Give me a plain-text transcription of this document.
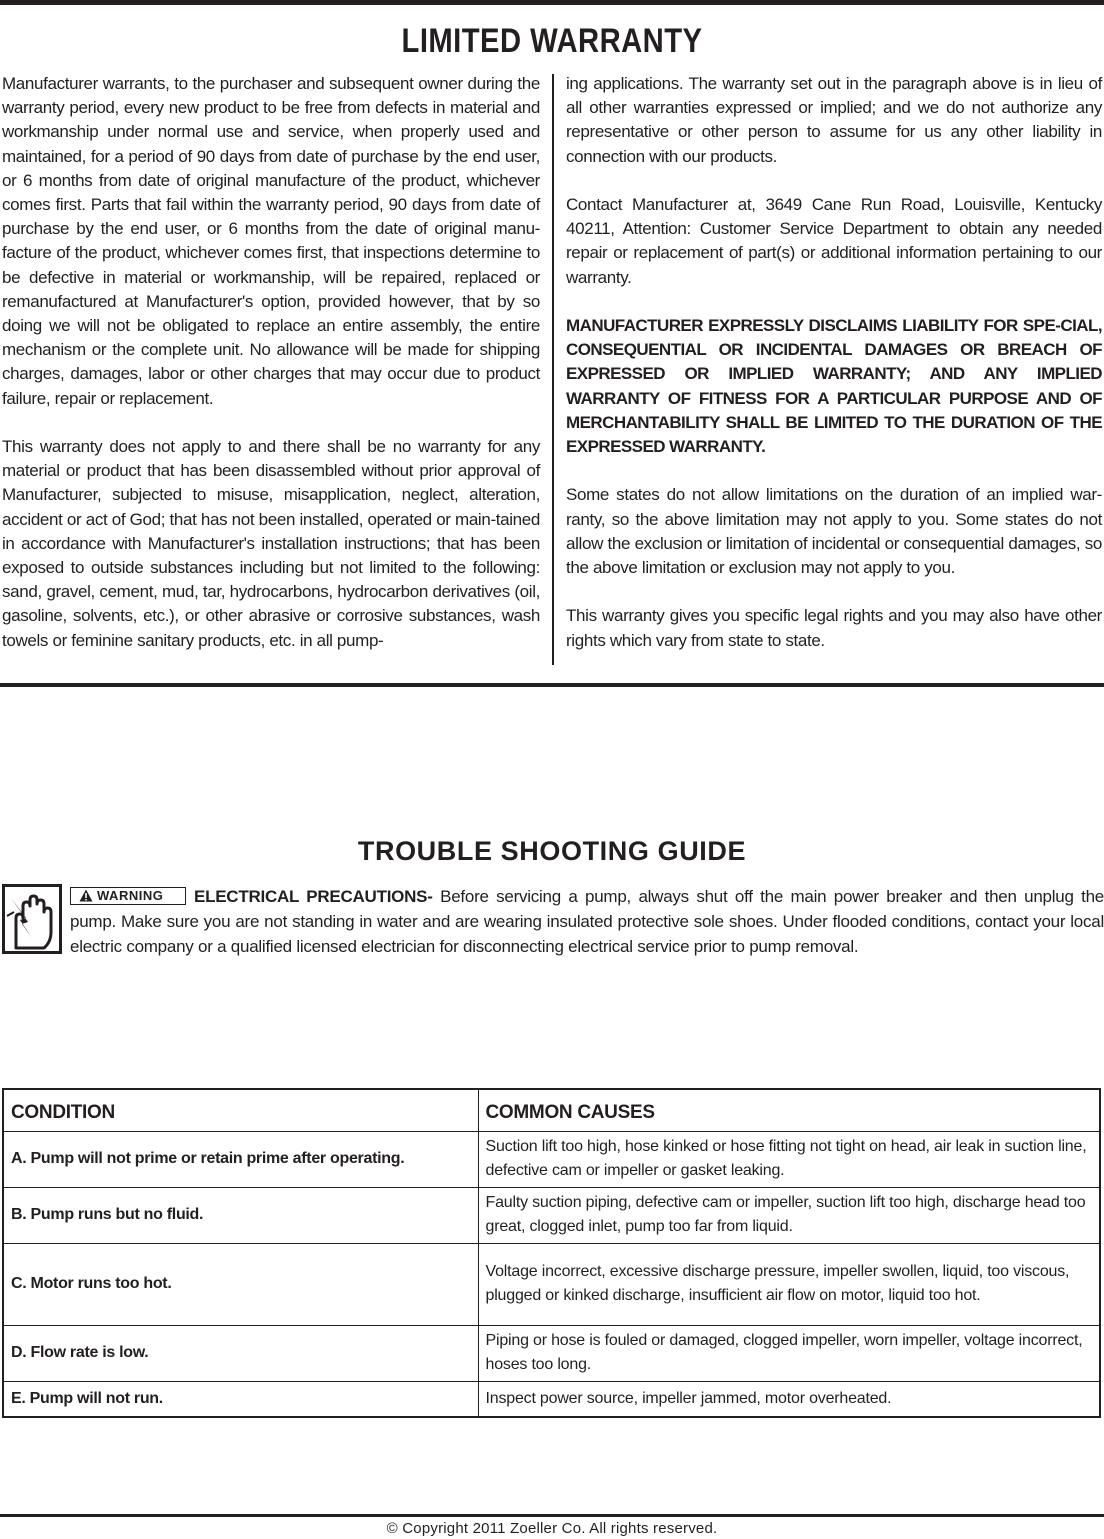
LIMITED WARRANTY

Manufacturer warrants, to the purchaser and subsequent owner during the warranty period, every new product to be free from defects in material and workmanship under normal use and service, when properly used and maintained, for a period of 90 days from date of purchase by the end user, or 6 months from date of original manufacture of the product, whichever comes first. Parts that fail within the warranty period, 90 days from date of purchase by the end user, or 6 months from the date of original manu-facture of the product, whichever comes first, that inspections determine to be defective in material or workmanship, will be repaired, replaced or remanufactured at Manufacturer's option, provided however, that by so doing we will not be obligated to replace an entire assembly, the entire mechanism or the complete unit. No allowance will be made for shipping charges, damages, labor or other charges that may occur due to product failure, repair or replacement.

This warranty does not apply to and there shall be no warranty for any material or product that has been disassembled without prior approval of Manufacturer, subjected to misuse, misapplication, neglect, alteration, accident or act of God; that has not been installed, operated or main-tained in accordance with Manufacturer's installation instructions; that has been exposed to outside substances including but not limited to the following: sand, gravel, cement, mud, tar, hydrocarbons, hydrocarbon derivatives (oil, gasoline, solvents, etc.), or other abrasive or corrosive substances, wash towels or feminine sanitary products, etc. in all pump-

ing applications. The warranty set out in the paragraph above is in lieu of all other warranties expressed or implied; and we do not authorize any representative or other person to assume for us any other liability in connection with our products.

Contact Manufacturer at, 3649 Cane Run Road, Louisville, Kentucky 40211, Attention: Customer Service Department to obtain any needed repair or replacement of part(s) or additional information pertaining to our warranty.

MANUFACTURER EXPRESSLY DISCLAIMS LIABILITY FOR SPE-CIAL, CONSEQUENTIAL OR INCIDENTAL DAMAGES OR BREACH OF EXPRESSED OR IMPLIED WARRANTY; AND ANY IMPLIED WARRANTY OF FITNESS FOR A PARTICULAR PURPOSE AND OF MERCHANTABILITY SHALL BE LIMITED TO THE DURATION OF THE EXPRESSED WARRANTY.

Some states do not allow limitations on the duration of an implied war-ranty, so the above limitation may not apply to you. Some states do not allow the exclusion or limitation of incidental or consequential damages, so the above limitation or exclusion may not apply to you.

This warranty gives you specific legal rights and you may also have other rights which vary from state to state.

TROUBLE SHOOTING GUIDE
WARNING ELECTRICAL PRECAUTIONS- Before servicing a pump, always shut off the main power breaker and then unplug the pump. Make sure you are not standing in water and are wearing insulated protective sole shoes. Under flooded conditions, contact your local electric company or a qualified licensed electrician for disconnecting electrical service prior to pump removal.
CONDITION	COMMON CAUSES
A. Pump will not prime or retain prime after operating.	Suction lift too high, hose kinked or hose fitting not tight on head, air leak in suction line, defective cam or impeller or gasket leaking.
B. Pump runs but no fluid.	Faulty suction piping, defective cam or impeller, suction lift too high, discharge head too great, clogged inlet, pump too far from liquid.
C. Motor runs too hot.	Voltage incorrect, excessive discharge pressure, impeller swollen, liquid, too viscous, plugged or kinked discharge, insufficient air flow on motor, liquid too hot.
D. Flow rate is low.	Piping or hose is fouled or damaged, clogged impeller, worn impeller, voltage incorrect, hoses too long.
E. Pump will not run.	Inspect power source, impeller jammed, motor overheated.
© Copyright 2011 Zoeller Co. All rights reserved.
